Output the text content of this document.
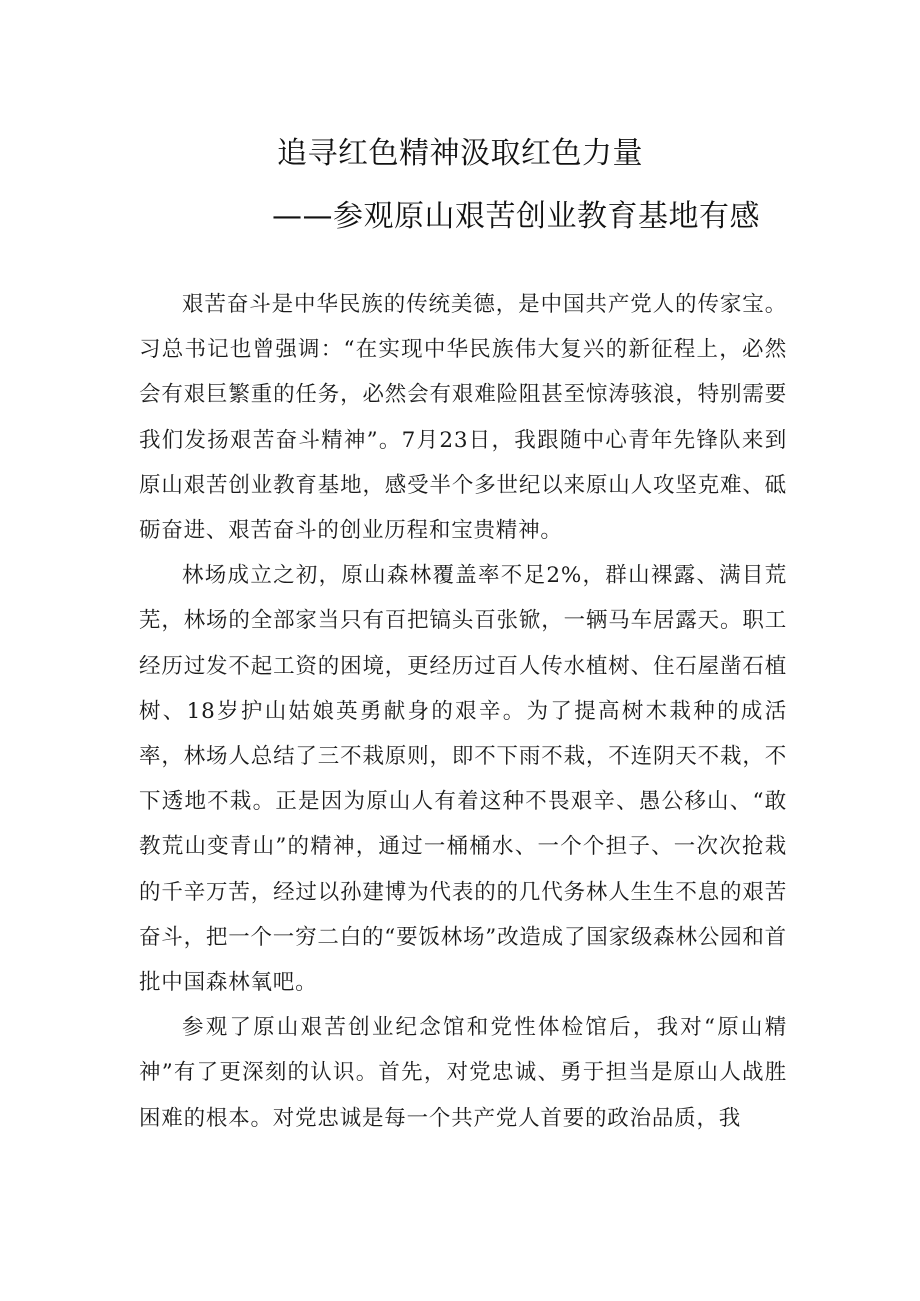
追寻红色精神汲取红色力量
——参观原山艰苦创业教育基地有感

艰苦奋斗是中华民族的传统美德，是中国共产党人的传家宝。习总书记也曾强调：“在实现中华民族伟大复兴的新征程上，必然会有艰巨繁重的任务，必然会有艰难险阻甚至惊涛骇浪，特别需要我们发扬艰苦奋斗精神”。7月23日，我跟随中心青年先锋队来到原山艰苦创业教育基地，感受半个多世纪以来原山人攻坚克难、砥砺奋进、艰苦奋斗的创业历程和宝贵精神。

林场成立之初，原山森林覆盖率不足2%，群山裸露、满目荒芜，林场的全部家当只有百把镐头百张锨，一辆马车居露天。职工经历过发不起工资的困境，更经历过百人传水植树、住石屋凿石植树、18岁护山姑娘英勇献身的艰辛。为了提高树木栽种的成活率，林场人总结了三不栽原则，即不下雨不栽，不连阴天不栽，不下透地不栽。正是因为原山人有着这种不畏艰辛、愚公移山、“敢教荒山变青山”的精神，通过一桶桶水、一个个担子、一次次抢栽的千辛万苦，经过以孙建博为代表的的几代务林人生生不息的艰苦奋斗，把一个一穷二白的“要饭林场”改造成了国家级森林公园和首批中国森林氧吧。

参观了原山艰苦创业纪念馆和党性体检馆后，我对“原山精神”有了更深刻的认识。首先，对党忠诚、勇于担当是原山人战胜困难的根本。对党忠诚是每一个共产党人首要的政治品质，我
